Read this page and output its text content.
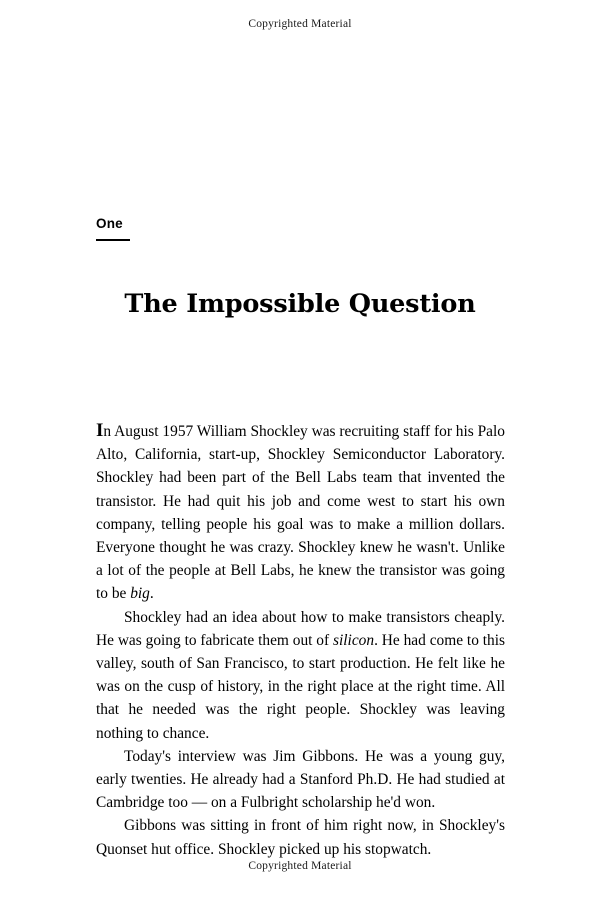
Copyrighted Material
One
The Impossible Question

In August 1957 William Shockley was recruiting staff for his Palo Alto, California, start-up, Shockley Semiconductor Laboratory. Shockley had been part of the Bell Labs team that invented the transistor. He had quit his job and come west to start his own company, telling people his goal was to make a million dollars. Everyone thought he was crazy. Shockley knew he wasn't. Unlike a lot of the people at Bell Labs, he knew the transistor was going to be big.

Shockley had an idea about how to make transistors cheaply. He was going to fabricate them out of silicon. He had come to this valley, south of San Francisco, to start production. He felt like he was on the cusp of history, in the right place at the right time. All that he needed was the right people. Shockley was leaving nothing to chance.

Today's interview was Jim Gibbons. He was a young guy, early twenties. He already had a Stanford Ph.D. He had studied at Cambridge too — on a Fulbright scholarship he'd won.

Gibbons was sitting in front of him right now, in Shockley's Quonset hut office. Shockley picked up his stopwatch.

Copyrighted Material
